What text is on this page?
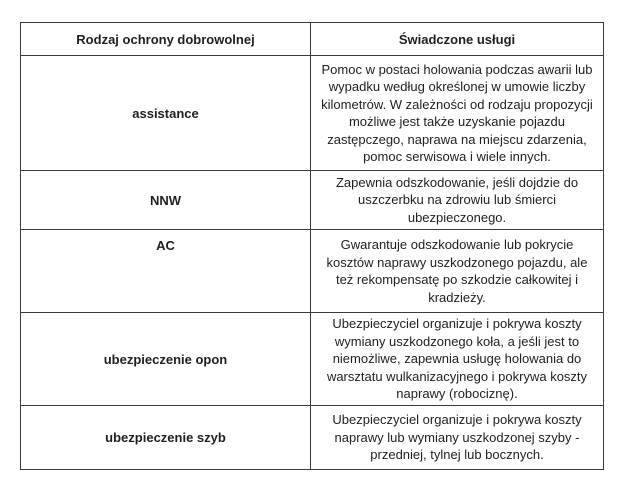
Rodzaj ochrony dobrowolnej	Świadczone usługi
assistance	Pomoc w postaci holowania podczas awarii lub wypadku według określonej w umowie liczby kilometrów. W zależności od rodzaju propozycji możliwe jest także uzyskanie pojazdu zastępczego, naprawa na miejscu zdarzenia, pomoc serwisowa i wiele innych.
NNW	Zapewnia odszkodowanie, jeśli dojdzie do uszczerbku na zdrowiu lub śmierci ubezpieczonego.
AC	Gwarantuje odszkodowanie lub pokrycie kosztów naprawy uszkodzonego pojazdu, ale też rekompensatę po szkodzie całkowitej i kradzieży.
ubezpieczenie opon	Ubezpieczyciel organizuje i pokrywa koszty wymiany uszkodzonego koła, a jeśli jest to niemożliwe, zapewnia usługę holowania do warsztatu wulkanizacyjnego i pokrywa koszty naprawy (robociznę).
ubezpieczenie szyb	Ubezpieczyciel organizuje i pokrywa koszty naprawy lub wymiany uszkodzonej szyby - przedniej, tylnej lub bocznych.
